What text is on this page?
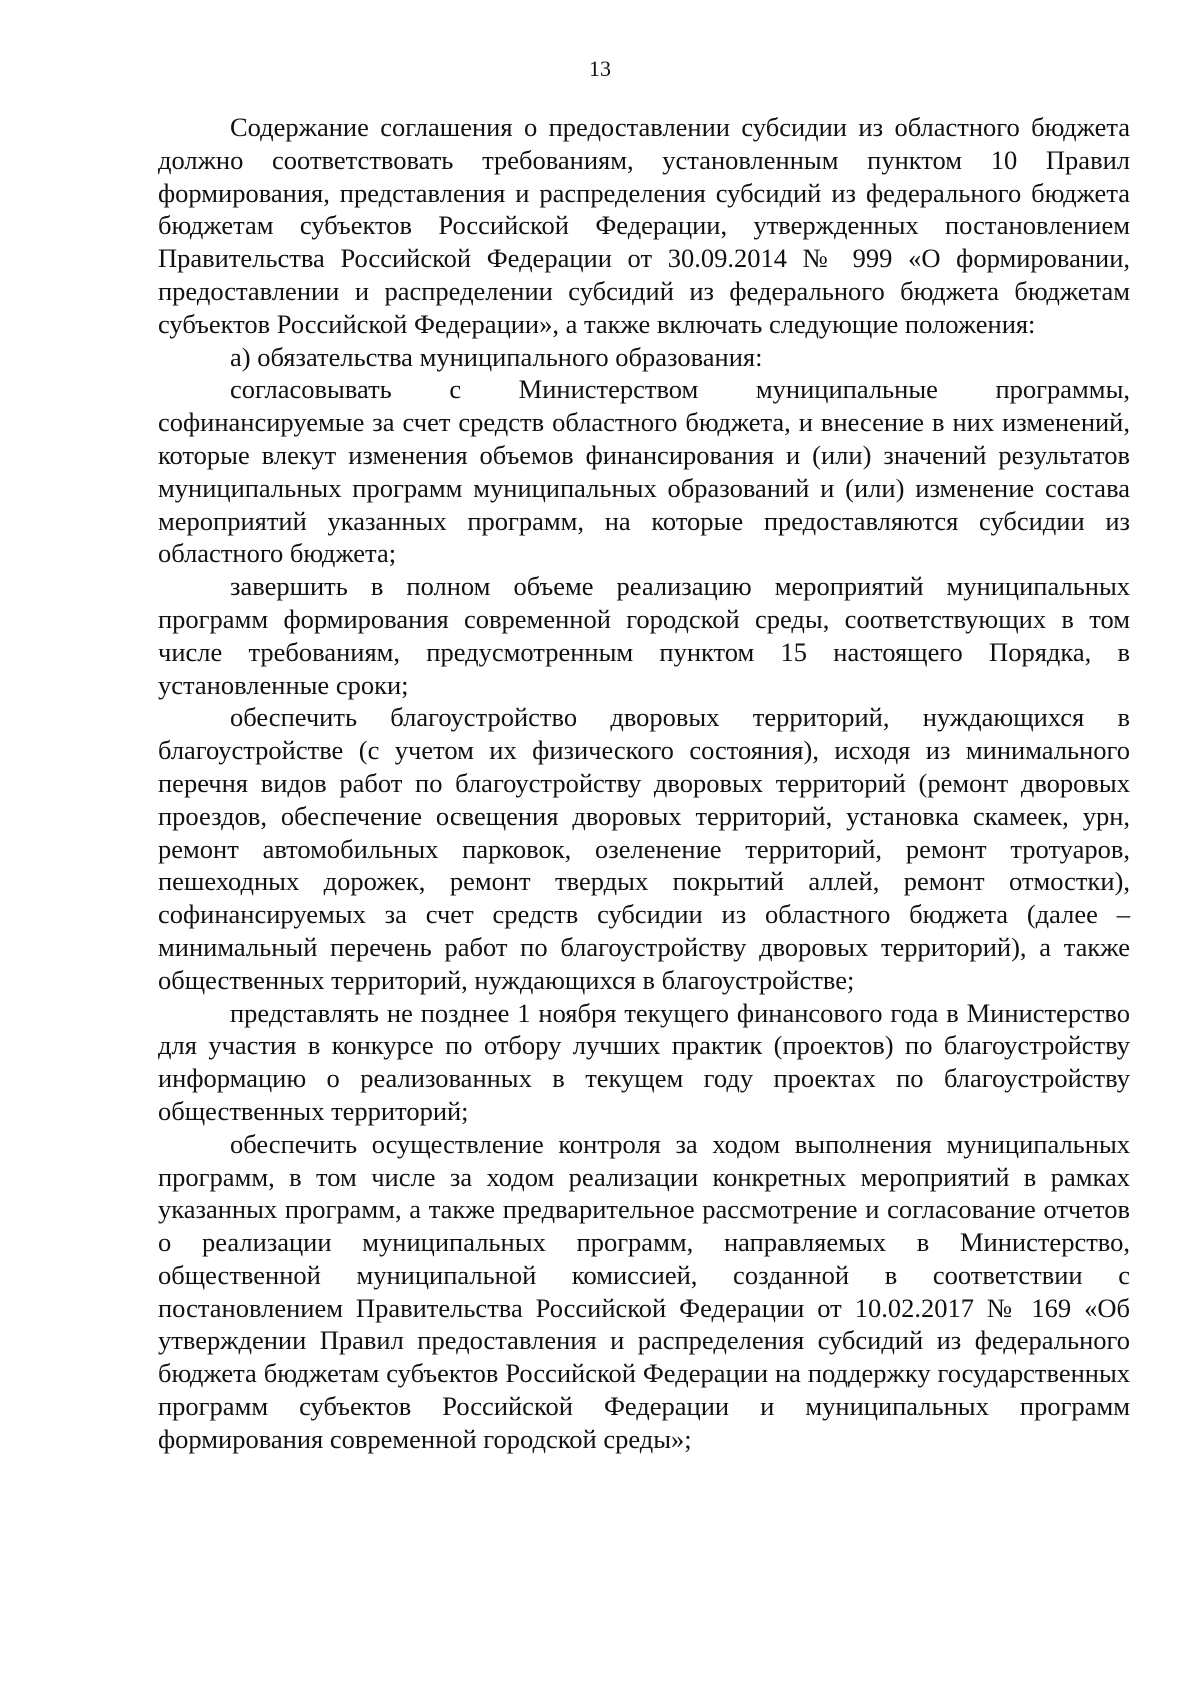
13

Содержание соглашения о предоставлении субсидии из областного бюджета должно соответствовать требованиям, установленным пунктом 10 Правил формирования, представления и распределения субсидий из федерального бюджета бюджетам субъектов Российской Федерации, утвержденных постановлением Правительства Российской Федерации от 30.09.2014 № 999 «О формировании, предоставлении и распределении субсидий из федерального бюджета бюджетам субъектов Российской Федерации», а также включать следующие положения:

а) обязательства муниципального образования:

согласовывать с Министерством муниципальные программы, софинансируемые за счет средств областного бюджета, и внесение в них изменений, которые влекут изменения объемов финансирования и (или) значений результатов муниципальных программ муниципальных образований и (или) изменение состава мероприятий указанных программ, на которые предоставляются субсидии из областного бюджета;

завершить в полном объеме реализацию мероприятий муниципальных программ формирования современной городской среды, соответствующих в том числе требованиям, предусмотренным пунктом 15 настоящего Порядка, в установленные сроки;

обеспечить благоустройство дворовых территорий, нуждающихся в благоустройстве (с учетом их физического состояния), исходя из минимального перечня видов работ по благоустройству дворовых территорий (ремонт дворовых проездов, обеспечение освещения дворовых территорий, установка скамеек, урн, ремонт автомобильных парковок, озеленение территорий, ремонт тротуаров, пешеходных дорожек, ремонт твердых покрытий аллей, ремонт отмостки), софинансируемых за счет средств субсидии из областного бюджета (далее – минимальный перечень работ по благоустройству дворовых территорий), а также общественных территорий, нуждающихся в благоустройстве;

представлять не позднее 1 ноября текущего финансового года в Министерство для участия в конкурсе по отбору лучших практик (проектов) по благоустройству информацию о реализованных в текущем году проектах по благоустройству общественных территорий;

обеспечить осуществление контроля за ходом выполнения муниципальных программ, в том числе за ходом реализации конкретных мероприятий в рамках указанных программ, а также предварительное рассмотрение и согласование отчетов о реализации муниципальных программ, направляемых в Министерство, общественной муниципальной комиссией, созданной в соответствии с постановлением Правительства Российской Федерации от 10.02.2017 № 169 «Об утверждении Правил предоставления и распределения субсидий из федерального бюджета бюджетам субъектов Российской Федерации на поддержку государственных программ субъектов Российской Федерации и муниципальных программ формирования современной городской среды»;
